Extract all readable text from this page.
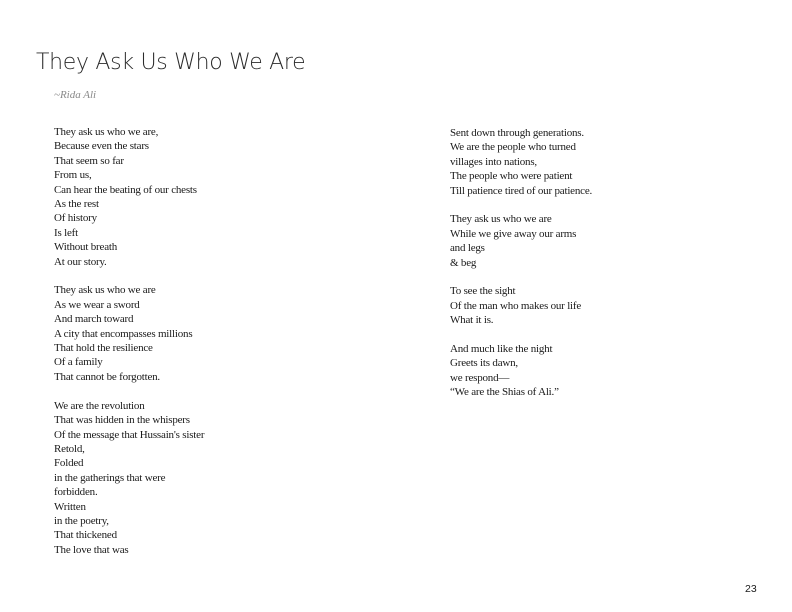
They Ask Us Who We Are
~Rida Ali
They ask us who we are,
Because even the stars
That seem so far
From us,
Can hear the beating of our chests
As the rest
Of history
Is left
Without breath
At our story.
They ask us who we are
As we wear a sword
And march toward
A city that encompasses millions
That hold the resilience
Of a family
That cannot be forgotten.
We are the revolution
That was hidden in the whispers
Of the message that Hussain's sister
Retold,
Folded
in the gatherings that were
forbidden.
Written
in the poetry,
That thickened
The love that was
Sent down through generations.
We are the people who turned
villages into nations,
The people who were patient
Till patience tired of our patience.
They ask us who we are
While we give away our arms
and legs
& beg
To see the sight
Of the man who makes our life
What it is.
And much like the night
Greets its dawn,
we respond—
“We are the Shias of Ali.”
23
